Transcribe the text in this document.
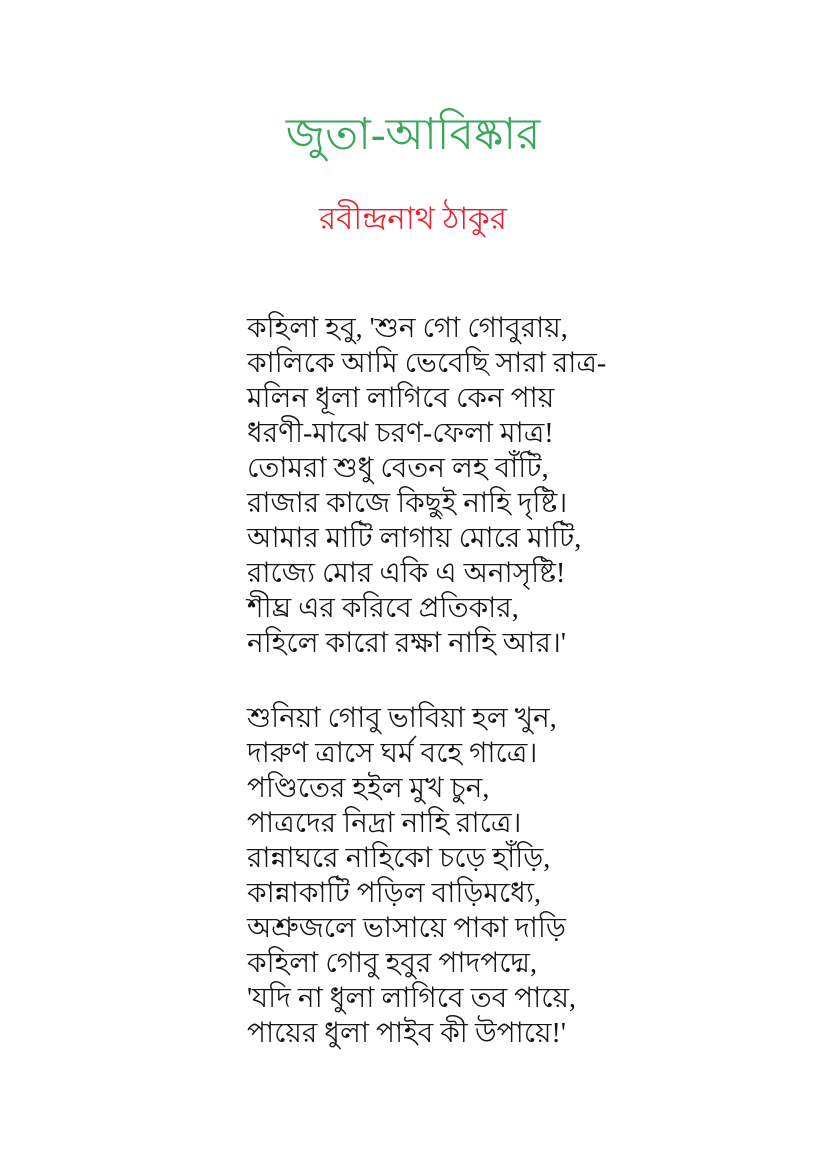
জুতা-আবিষ্কার
রবীন্দ্রনাথ ঠাকুর
কহিলা হবু, 'শুন গো গোবুরায়,
কালিকে আমি ভেবেছি সারা রাত্র-
মলিন ধূলা লাগিবে কেন পায়
ধরণী-মাঝে চরণ-ফেলা মাত্র!
তোমরা শুধু বেতন লহ বাঁটি,
রাজার কাজে কিছুই নাহি দৃষ্টি।
আমার মাটি লাগায় মোরে মাটি,
রাজ্যে মোর একি এ অনাসৃষ্টি!
শীঘ্র এর করিবে প্রতিকার,
নহিলে কারো রক্ষা নাহি আর।'
শুনিয়া গোবু ভাবিয়া হল খুন,
দারুণ ত্রাসে ঘর্ম বহে গাত্রে।
পণ্ডিতের হইল মুখ চুন,
পাত্রদের নিদ্রা নাহি রাত্রে।
রান্নাঘরে নাহিকো চড়ে হাঁড়ি,
কান্নাকাটি পড়িল বাড়িমধ্যে,
অশ্রুজলে ভাসায়ে পাকা দাড়ি
কহিলা গোবু হবুর পাদপদ্মে,
'যদি না ধুলা লাগিবে তব পায়ে,
পায়ের ধুলা পাইব কী উপায়ে!'
